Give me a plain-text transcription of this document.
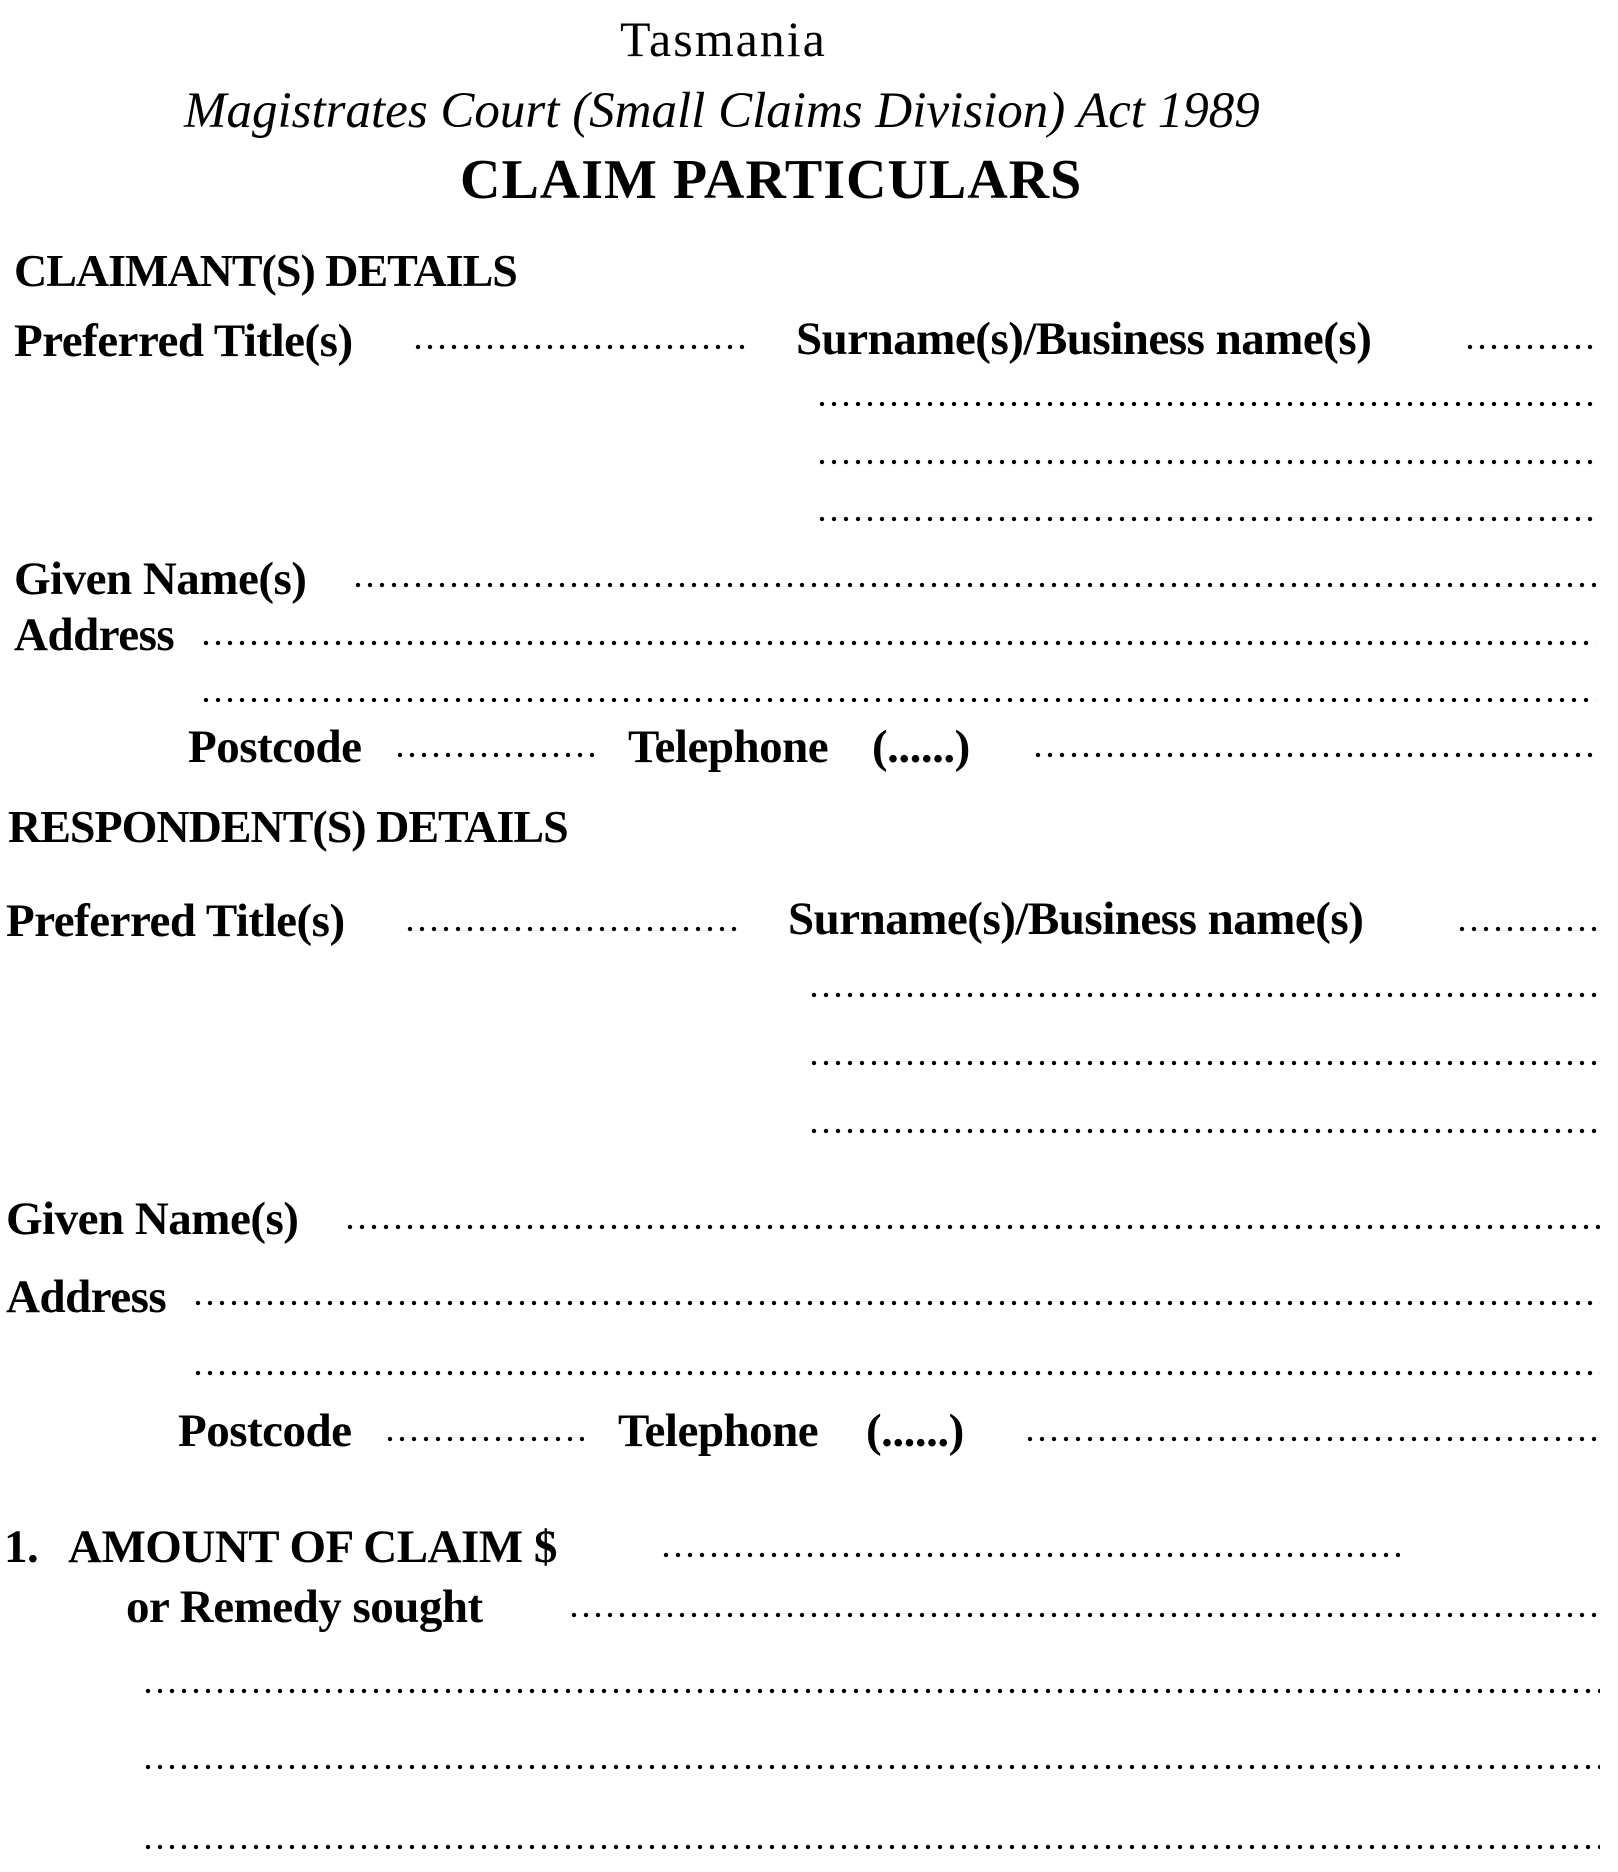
Tasmania
Magistrates Court (Small Claims Division) Act 1989
CLAIM PARTICULARS
CLAIMANT(S) DETAILS
Preferred Title(s)	Surname(s)/Business name(s)
Given Name(s)
Address
Postcode	Telephone (......)
RESPONDENT(S) DETAILS
Preferred Title(s)	Surname(s)/Business name(s)
Given Name(s)
Address
Postcode	Telephone (......)
1. AMOUNT OF CLAIM $
or Remedy sought
